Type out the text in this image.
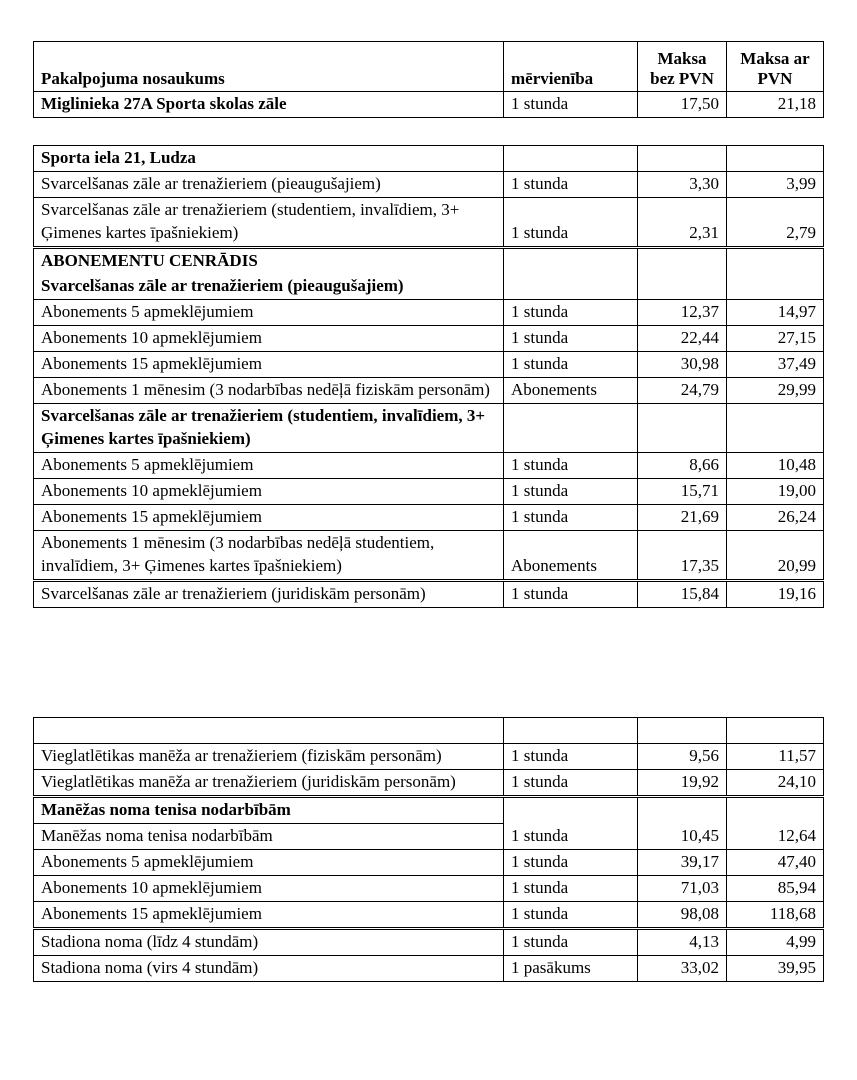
Pakalpojuma nosaukums	mērvienība	Maksa bez PVN	Maksa ar PVN
Miglinieka 27A Sporta skolas zāle	1 stunda	17,50	21,18
Sporta iela 21, Ludza			
Svarcelšanas zāle ar trenažieriem (pieaugušajiem)	1 stunda	3,30	3,99
Svarcelšanas zāle ar trenažieriem (studentiem, invalīdiem, 3+ Ģimenes kartes īpašniekiem)	1 stunda	2,31	2,79
ABONEMENTU CENRĀDIS			
Svarcelšanas zāle ar trenažieriem (pieaugušajiem)			
Abonements 5 apmeklējumiem	1 stunda	12,37	14,97
Abonements 10 apmeklējumiem	1 stunda	22,44	27,15
Abonements 15 apmeklējumiem	1 stunda	30,98	37,49
Abonements 1 mēnesim (3 nodarbības nedēļā fiziskām personām)	Abonements	24,79	29,99
Svarcelšanas zāle ar trenažieriem (studentiem, invalīdiem, 3+ Ģimenes kartes īpašniekiem)			
Abonements 5 apmeklējumiem	1 stunda	8,66	10,48
Abonements 10 apmeklējumiem	1 stunda	15,71	19,00
Abonements 15 apmeklējumiem	1 stunda	21,69	26,24
Abonements 1 mēnesim (3 nodarbības nedēļā studentiem, invalīdiem, 3+ Ģimenes kartes īpašniekiem)	Abonements	17,35	20,99
Svarcelšanas zāle ar trenažieriem (juridiskām personām)	1 stunda	15,84	19,16

Vieglatlētikas manēža ar trenažieriem (fiziskām personām)	1 stunda	9,56	11,57
Vieglatlētikas manēža ar trenažieriem (juridiskām personām)	1 stunda	19,92	24,10
Manēžas noma tenisa nodarbībām			
Manēžas noma tenisa nodarbībām	1 stunda	10,45	12,64
Abonements 5 apmeklējumiem	1 stunda	39,17	47,40
Abonements 10 apmeklējumiem	1 stunda	71,03	85,94
Abonements 15 apmeklējumiem	1 stunda	98,08	118,68
Stadiona noma (līdz 4 stundām)	1 stunda	4,13	4,99
Stadiona noma (virs 4 stundām)	1 pasākums	33,02	39,95
